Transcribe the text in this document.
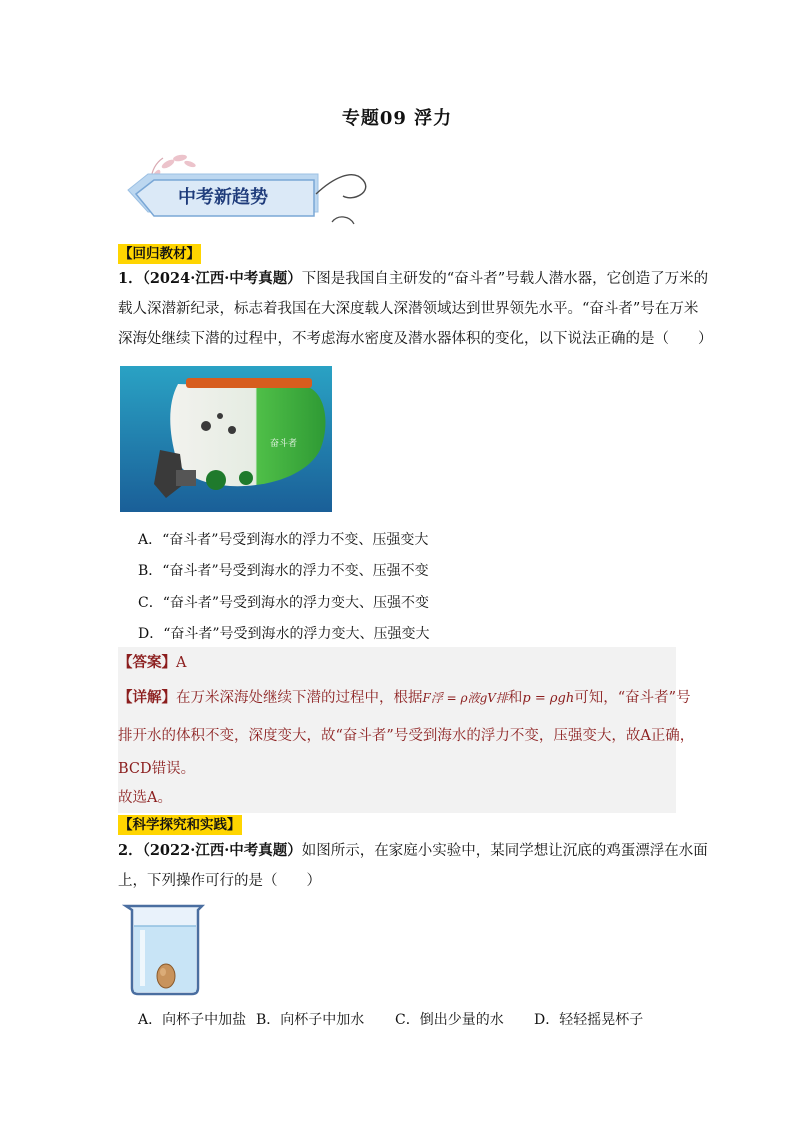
专题09 浮力
中考新趋势
【回归教材】
1．（2024·江西·中考真题）下图是我国自主研发的“奋斗者”号载人潜水器，它创造了万米的
载人深潜新纪录，标志着我国在大深度载人深潜领域达到世界领先水平。“奋斗者”号在万米
深海处继续下潜的过程中，不考虑海水密度及潜水器体积的变化，以下说法正确的是（　　）
奋斗者
A．“奋斗者”号受到海水的浮力不变、压强变大
B．“奋斗者”号受到海水的浮力不变、压强不变
C．“奋斗者”号受到海水的浮力变大、压强不变
D．“奋斗者”号受到海水的浮力变大、压强变大
【答案】A
【详解】在万米深海处继续下潜的过程中，根据F浮 = ρ液gV排和p = ρgh可知，“奋斗者”号
排开水的体积不变，深度变大，故“奋斗者”号受到海水的浮力不变，压强变大，故A正确，
BCD错误。
故选A。
【科学探究和实践】
2．（2022·江西·中考真题）如图所示，在家庭小实验中，某同学想让沉底的鸡蛋漂浮在水面
上，下列操作可行的是（　　）
A．向杯子中加盐 B．向杯子中加水 C．倒出少量的水 D．轻轻摇晃杯子
